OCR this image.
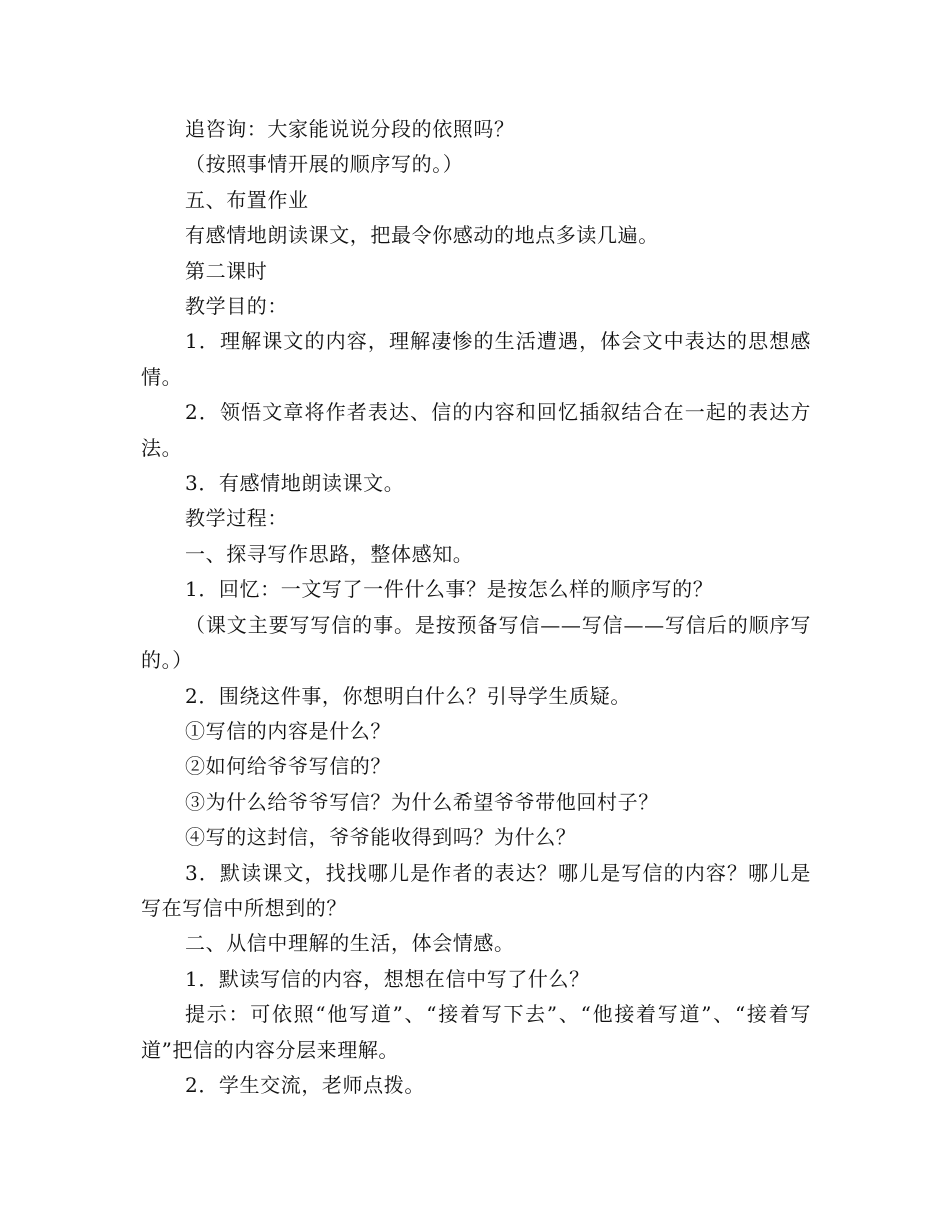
追咨询：大家能说说分段的依照吗？

（按照事情开展的顺序写的。）

五、布置作业

有感情地朗读课文，把最令你感动的地点多读几遍。

第二课时

教学目的：

1．理解课文的内容，理解凄惨的生活遭遇，体会文中表达的思想感情。

2．领悟文章将作者表达、信的内容和回忆插叙结合在一起的表达方法。

3．有感情地朗读课文。

教学过程：

一、探寻写作思路，整体感知。

1．回忆：一文写了一件什么事？是按怎么样的顺序写的？

（课文主要写写信的事。是按预备写信——写信——写信后的顺序写的。）

2．围绕这件事，你想明白什么？引导学生质疑。

①写信的内容是什么？

②如何给爷爷写信的？

③为什么给爷爷写信？为什么希望爷爷带他回村子？

④写的这封信，爷爷能收得到吗？为什么？

3．默读课文，找找哪儿是作者的表达？哪儿是写信的内容？哪儿是写在写信中所想到的？

二、从信中理解的生活，体会情感。

1．默读写信的内容，想想在信中写了什么？

提示：可依照“他写道”、“接着写下去”、“他接着写道”、“接着写道”把信的内容分层来理解。

2．学生交流，老师点拨。
